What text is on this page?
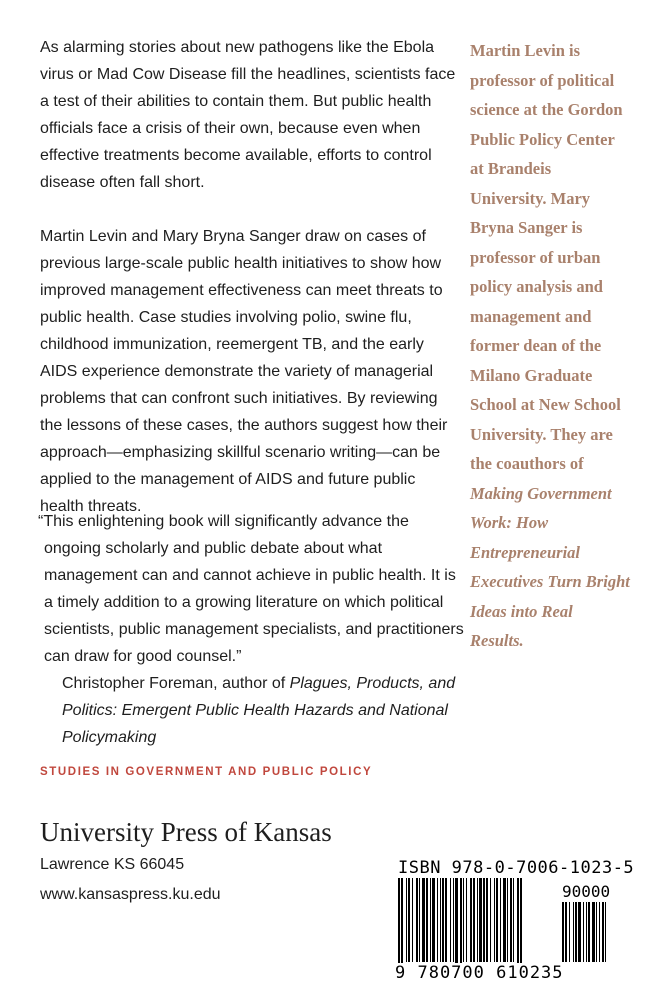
As alarming stories about new pathogens like the Ebola virus or Mad Cow Disease fill the headlines, scientists face a test of their abilities to contain them. But public health officials face a crisis of their own, because even when effective treatments become available, efforts to control disease often fall short.

Martin Levin and Mary Bryna Sanger draw on cases of previous large-scale public health initiatives to show how improved management effectiveness can meet threats to public health. Case studies involving polio, swine flu, childhood immunization, reemergent TB, and the early AIDS experience demonstrate the variety of managerial problems that can confront such initiatives. By reviewing the lessons of these cases, the authors suggest how their approach—emphasizing skillful scenario writing—can be applied to the management of AIDS and future public health threats.

“This enlightening book will significantly advance the ongoing scholarly and public debate about what management can and cannot achieve in public health. It is a timely addition to a growing literature on which political scientists, public management specialists, and practitioners can draw for good counsel.”

Christopher Foreman, author of Plagues, Products, and Politics: Emergent Public Health Hazards and National Policymaking

STUDIES IN GOVERNMENT AND PUBLIC POLICY
University Press of Kansas
Lawrence KS 66045
www.kansaspress.ku.edu
Martin Levin is professor of political science at the Gordon Public Policy Center at Brandeis University. Mary Bryna Sanger is professor of urban policy analysis and management and former dean of the Milano Graduate School at New School University. They are the coauthors of Making Government Work: How Entrepreneurial Executives Turn Bright Ideas into Real Results.
ISBN 978-0-7006-1023-5
90000
9 780700 610235
